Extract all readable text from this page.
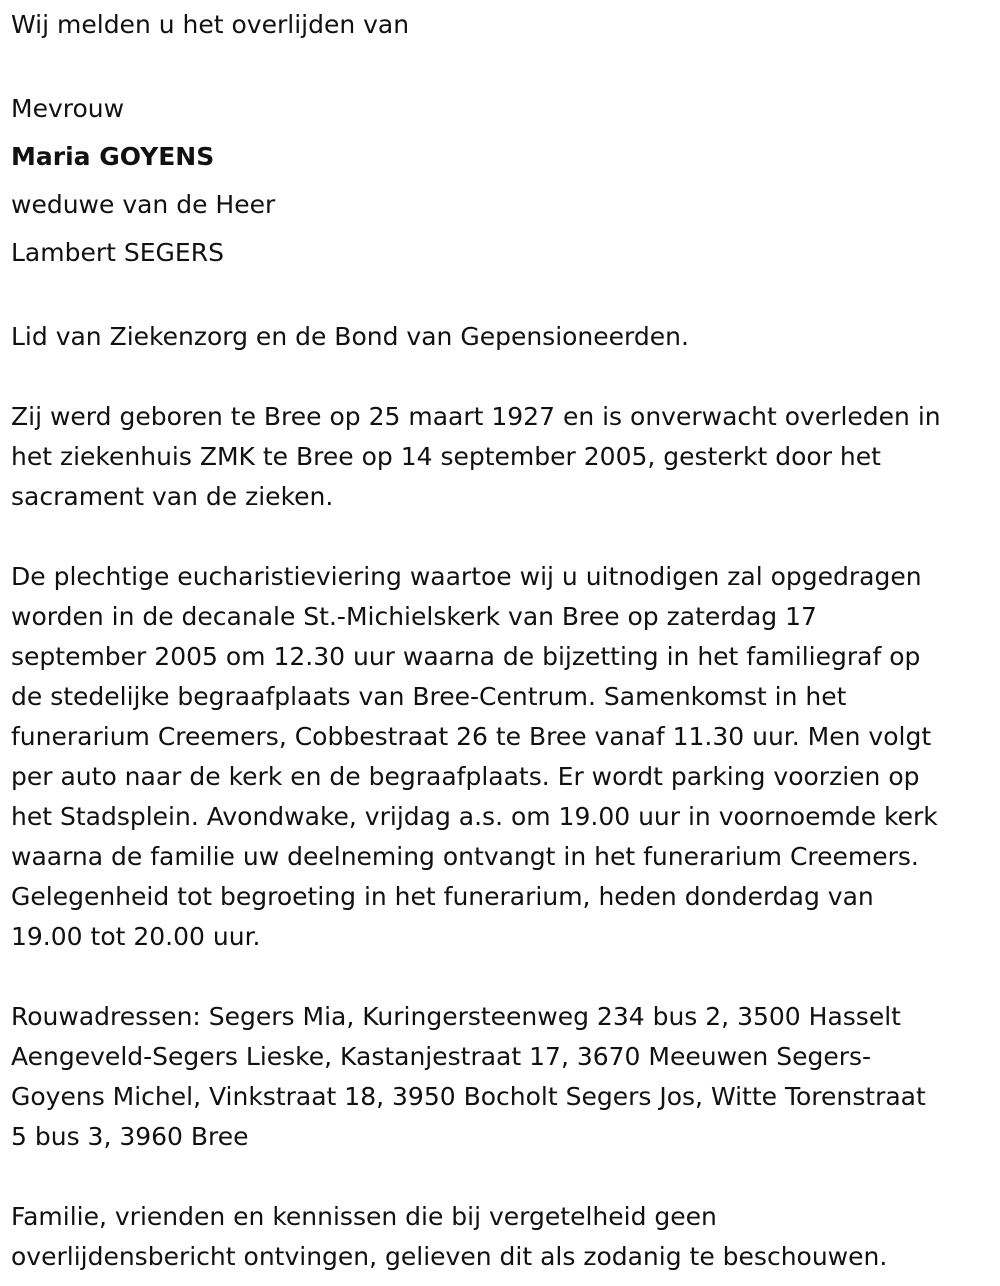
Wij melden u het overlijden van
Mevrouw
Maria GOYENS
weduwe van de Heer
Lambert SEGERS
Lid van Ziekenzorg en de Bond van Gepensioneerden.
Zij werd geboren te Bree op 25 maart 1927 en is onverwacht overleden in
het ziekenhuis ZMK te Bree op 14 september 2005, gesterkt door het
sacrament van de zieken.
De plechtige eucharistieviering waartoe wij u uitnodigen zal opgedragen
worden in de decanale St.-Michielskerk van Bree op zaterdag 17
september 2005 om 12.30 uur waarna de bijzetting in het familiegraf op
de stedelijke begraafplaats van Bree-Centrum. Samenkomst in het
funerarium Creemers, Cobbestraat 26 te Bree vanaf 11.30 uur. Men volgt
per auto naar de kerk en de begraafplaats. Er wordt parking voorzien op
het Stadsplein. Avondwake, vrijdag a.s. om 19.00 uur in voornoemde kerk
waarna de familie uw deelneming ontvangt in het funerarium Creemers.
Gelegenheid tot begroeting in het funerarium, heden donderdag van
19.00 tot 20.00 uur.
Rouwadressen: Segers Mia, Kuringersteenweg 234 bus 2, 3500 Hasselt
Aengeveld-Segers Lieske, Kastanjestraat 17, 3670 Meeuwen Segers-
Goyens Michel, Vinkstraat 18, 3950 Bocholt Segers Jos, Witte Torenstraat
5 bus 3, 3960 Bree
Familie, vrienden en kennissen die bij vergetelheid geen
overlijdensbericht ontvingen, gelieven dit als zodanig te beschouwen.
